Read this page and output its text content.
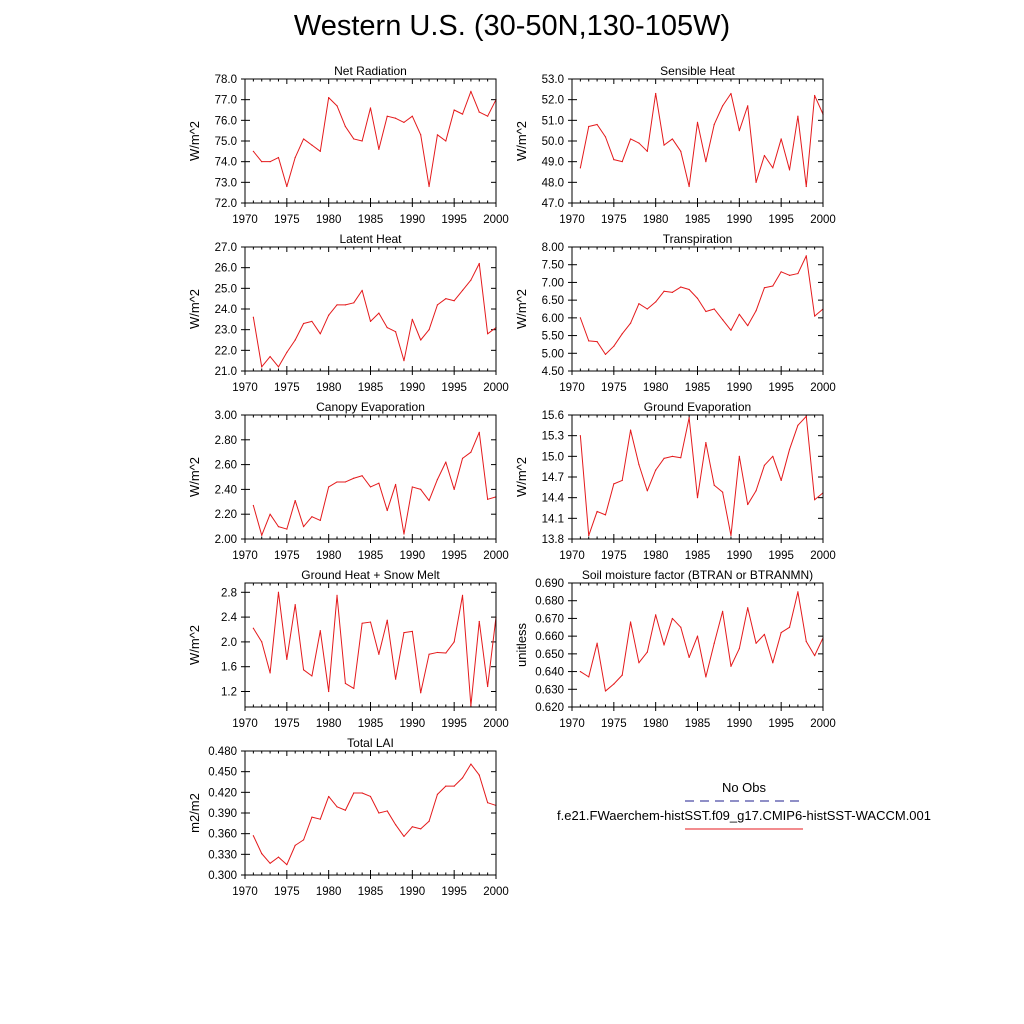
Western U.S. (30-50N,130-105W)
Net Radiation
W/m^2
72.0
73.0
74.0
75.0
76.0
77.0
78.0
1970 1975 1980 1985 1990 1995 2000
Sensible Heat
W/m^2
47.0
48.0
49.0
50.0
51.0
52.0
53.0
1970 1975 1980 1985 1990 1995 2000
Latent Heat
W/m^2
21.0
22.0
23.0
24.0
25.0
26.0
27.0
1970 1975 1980 1985 1990 1995 2000
Transpiration
W/m^2
4.50
5.00
5.50
6.00
6.50
7.00
7.50
8.00
1970 1975 1980 1985 1990 1995 2000
Canopy Evaporation
W/m^2
2.00
2.20
2.40
2.60
2.80
3.00
1970 1975 1980 1985 1990 1995 2000
Ground Evaporation
W/m^2
13.8
14.1
14.4
14.7
15.0
15.3
15.6
1970 1975 1980 1985 1990 1995 2000
Ground Heat + Snow Melt
W/m^2
1.2
1.6
2.0
2.4
2.8
1970 1975 1980 1985 1990 1995 2000
Soil moisture factor (BTRAN or BTRANMN)
unitless
0.620
0.630
0.640
0.650
0.660
0.670
0.680
0.690
1970 1975 1980 1985 1990 1995 2000
Total LAI
m2/m2
0.300
0.330
0.360
0.390
0.420
0.450
0.480
1970 1975 1980 1985 1990 1995 2000
No Obs
f.e21.FWaerchem-histSST.f09_g17.CMIP6-histSST-WACCM.001
